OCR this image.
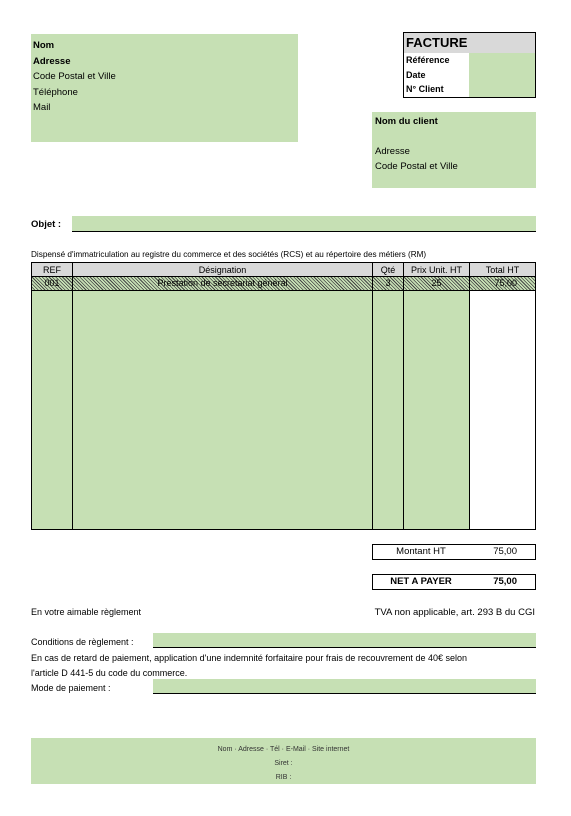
Nom
Adresse
Code Postal et Ville
Téléphone
Mail
FACTURE
Référence
Date
N° Client
Nom du client
Adresse
Code Postal et Ville
Objet :
Dispensé d'immatriculation au registre du commerce et des sociétés (RCS) et au répertoire des métiers (RM)
REF	Désignation	Qté	Prix Unit. HT	Total HT
001	Prestation de secretariat général	3	25	75,00
Montant HT	75,00
NET A PAYER	75,00
En votre aimable règlement	TVA non applicable, art. 293 B du CGI
Conditions de règlement :
En cas de retard de paiement, application d'une indemnité forfaitaire pour frais de recouvrement de 40€ selon
l'article D 441-5 du code du commerce.
Mode de paiement :
Nom · Adresse · Tél · E-Mail · Site internet
Siret :
RIB :
